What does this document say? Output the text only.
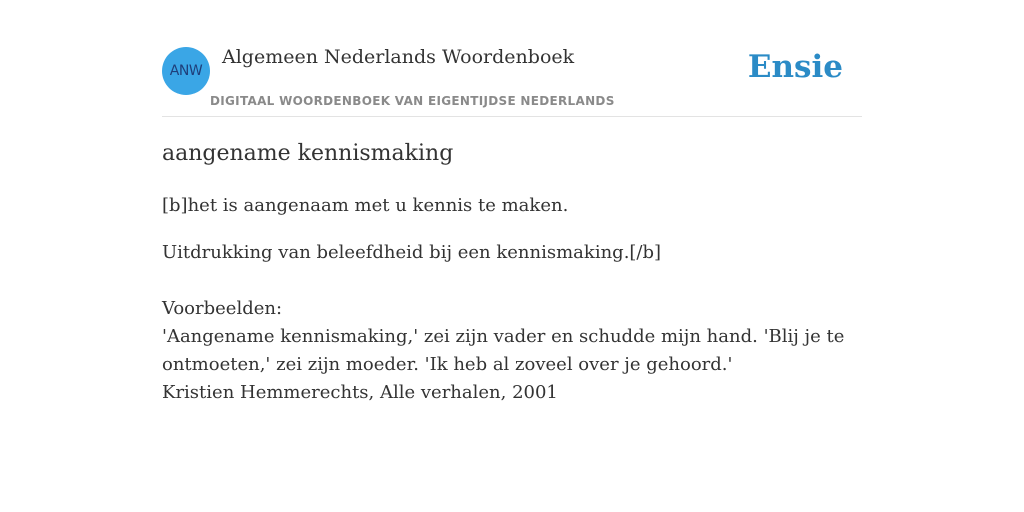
ANW
Algemeen Nederlands Woordenboek
DIGITAAL WOORDENBOEK VAN EIGENTIJDSE NEDERLANDS
Ensie
aangename kennismaking
[b]het is aangenaam met u kennis te maken.
Uitdrukking van beleefdheid bij een kennismaking.[/b]
Voorbeelden:
'Aangename kennismaking,' zei zijn vader en schudde mijn hand. 'Blij je te
ontmoeten,' zei zijn moeder. 'Ik heb al zoveel over je gehoord.'
Kristien Hemmerechts, Alle verhalen, 2001
